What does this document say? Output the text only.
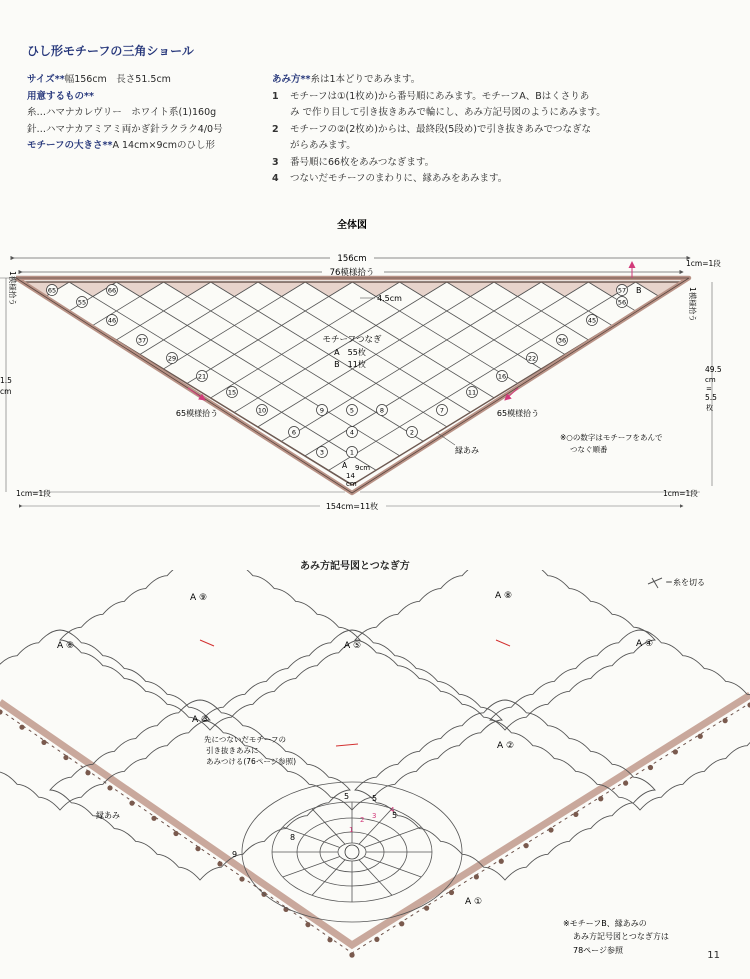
ひし形モチーフの三角ショール
サイズ**幅156cm　長さ51.5cm
用意するもの**
糸…ハマナカレヴリー　ホワイト系(1)160g
針…ハマナカアミアミ両かぎ針ラクラク4/0号
モチーフの大きさ**A 14cm×9cmのひし形
あみ方**糸は1本どりであみます。
1	モチーフは①(1枚め)から番号順にあみます。モチーフA、Bはくさりあ
み で作り目して引き抜きあみで輪にし、あみ方記号図のようにあみます。
2	モチーフの②(2枚め)からは、最終段(5段め)で引き抜きあみでつなぎな
がらあみます。
3	番号順に66枚をあみつなぎます。
4	つないだモチーフのまわりに、縁あみをあみます。
全体図
156cm
76模様拾う
1
2
3
4
5
6
7
8
9
10
11
15
16
21
22
29
36
37
45
46
55	56
57
65	66
モチーフつなぎ
A　55枚
B　11枚
4.5cm
B
A 9cm
14
cm
65模様拾う	65模様拾う
縁あみ
1模様拾う
1.5
cm
1cm=1段	1cm=1段
1cm=1段
1模様拾う
49.5
cm
=
5.5
枚
154cm=11枚
※○の数字はモチーフをあんで
つなぐ順番
あみ方記号図とつなぎ方
＝糸を切る
5
5
5
4
3
2
1
8
9
A ⑨	A ⑧
A ⑥	A ⑤	A ④
A ③
A ②
A ①
先につないだモチーフの
引き抜きあみに
あみつける(76ページ参照)
縁あみ
※モチーフB、縁あみの
あみ方記号図とつなぎ方は
78ページ参照	11
